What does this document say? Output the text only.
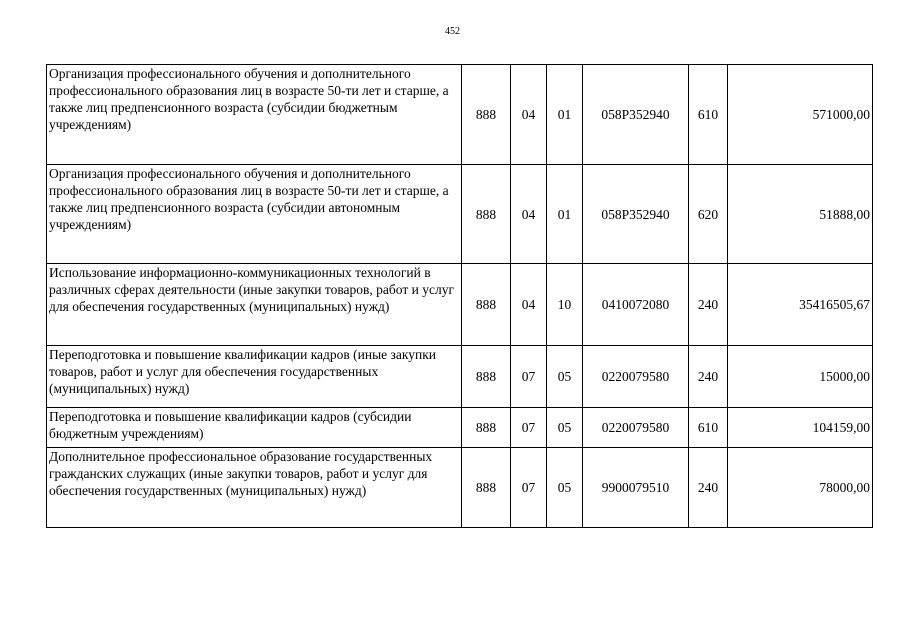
452
Организация профессионального обучения и дополнительного профессионального образования лиц в возрасте 50-ти лет и старше, а также лиц предпенсионного возраста (субсидии бюджетным учреждениям)	888	04	01	058P352940	610	571000,00
Организация профессионального обучения и дополнительного профессионального образования лиц в возрасте 50-ти лет и старше, а также лиц предпенсионного возраста (субсидии автономным учреждениям)	888	04	01	058P352940	620	51888,00
Использование информационно-коммуникационных технологий в различных сферах деятельности (иные закупки товаров, работ и услуг для обеспечения государственных (муниципальных) нужд)	888	04	10	0410072080	240	35416505,67
Переподготовка и повышение квалификации кадров (иные закупки товаров, работ и услуг для обеспечения государственных (муниципальных) нужд)	888	07	05	0220079580	240	15000,00
Переподготовка и повышение квалификации кадров (субсидии бюджетным учреждениям)	888	07	05	0220079580	610	104159,00
Дополнительное профессиональное образование государственных гражданских служащих (иные закупки товаров, работ и услуг для обеспечения государственных (муниципальных) нужд)	888	07	05	9900079510	240	78000,00
